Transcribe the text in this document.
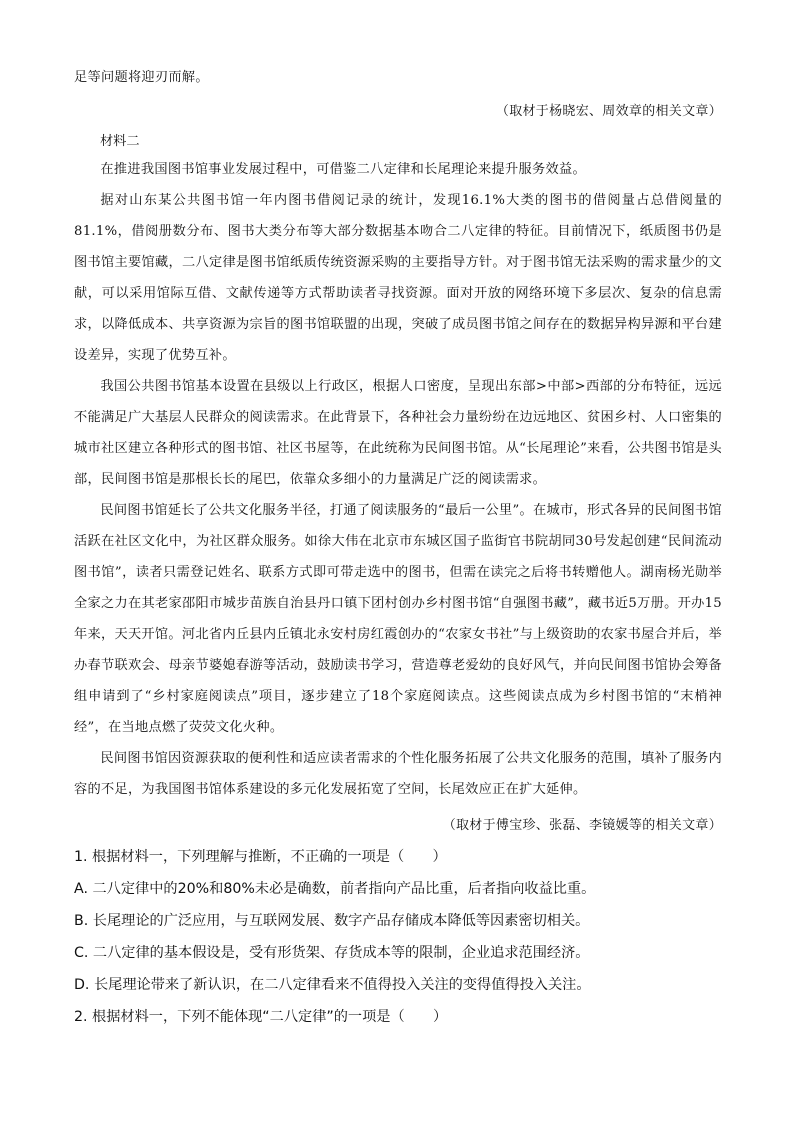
足等问题将迎刃而解。
（取材于杨晓宏、周效章的相关文章）
材料二
在推进我国图书馆事业发展过程中，可借鉴二八定律和长尾理论来提升服务效益。
据对山东某公共图书馆一年内图书借阅记录的统计，发现16.1%大类的图书的借阅量占总借阅量的81.1%，借阅册数分布、图书大类分布等大部分数据基本吻合二八定律的特征。目前情况下，纸质图书仍是图书馆主要馆藏，二八定律是图书馆纸质传统资源采购的主要指导方针。对于图书馆无法采购的需求量少的文献，可以采用馆际互借、文献传递等方式帮助读者寻找资源。面对开放的网络环境下多层次、复杂的信息需求，以降低成本、共享资源为宗旨的图书馆联盟的出现，突破了成员图书馆之间存在的数据异构异源和平台建设差异，实现了优势互补。
我国公共图书馆基本设置在县级以上行政区，根据人口密度，呈现出东部>中部>西部的分布特征，远远不能满足广大基层人民群众的阅读需求。在此背景下，各种社会力量纷纷在边远地区、贫困乡村、人口密集的城市社区建立各种形式的图书馆、社区书屋等，在此统称为民间图书馆。从“长尾理论”来看，公共图书馆是头部，民间图书馆是那根长长的尾巴，依靠众多细小的力量满足广泛的阅读需求。
民间图书馆延长了公共文化服务半径，打通了阅读服务的“最后一公里”。在城市，形式各异的民间图书馆活跃在社区文化中，为社区群众服务。如徐大伟在北京市东城区国子监街官书院胡同30号发起创建“民间流动图书馆”，读者只需登记姓名、联系方式即可带走选中的图书，但需在读完之后将书转赠他人。湖南杨光勋举全家之力在其老家邵阳市城步苗族自治县丹口镇下团村创办乡村图书馆“自强图书藏”，藏书近5万册。开办15年来，天天开馆。河北省内丘县内丘镇北永安村房红霞创办的“农家女书社”与上级资助的农家书屋合并后，举办春节联欢会、母亲节婆媳春游等活动，鼓励读书学习，营造尊老爱幼的良好风气，并向民间图书馆协会筹备组申请到了“乡村家庭阅读点”项目，逐步建立了18个家庭阅读点。这些阅读点成为乡村图书馆的“末梢神经”，在当地点燃了荧荧文化火种。
民间图书馆因资源获取的便利性和适应读者需求的个性化服务拓展了公共文化服务的范围，填补了服务内容的不足，为我国图书馆体系建设的多元化发展拓宽了空间，长尾效应正在扩大延伸。
（取材于傅宝珍、张磊、李镜媛等的相关文章）
1. 根据材料一，下列理解与推断，不正确的一项是（　　）
A. 二八定律中的20%和80%未必是确数，前者指向产品比重，后者指向收益比重。
B. 长尾理论的广泛应用，与互联网发展、数字产品存储成本降低等因素密切相关。
C. 二八定律的基本假设是，受有形货架、存货成本等的限制，企业追求范围经济。
D. 长尾理论带来了新认识，在二八定律看来不值得投入关注的变得值得投入关注。
2. 根据材料一，下列不能体现“二八定律”的一项是（　　）
